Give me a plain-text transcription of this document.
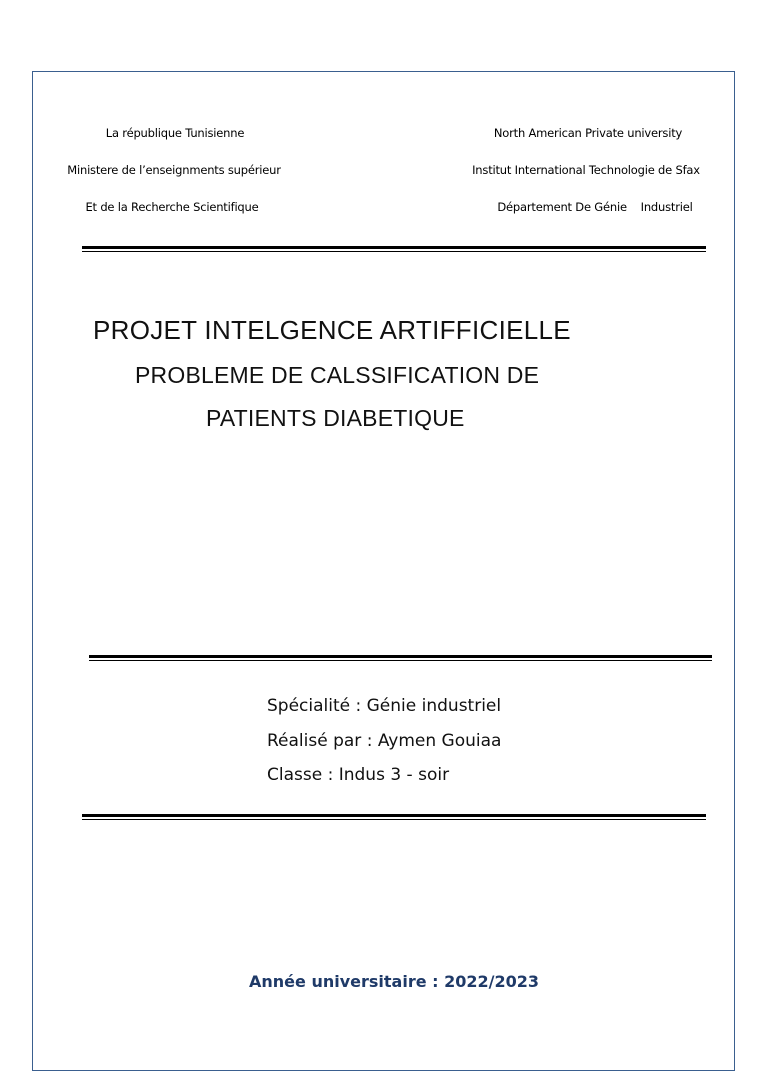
La république Tunisienne
Ministere de l’enseignments supérieur
Et de la Recherche Scientifique
North American Private university
Institut International Technologie de Sfax
Département De Génie    Industriel
PROJET INTELGENCE ARTIFFICIELLE
PROBLEME DE CALSSIFICATION DE
PATIENTS DIABETIQUE
Spécialité : Génie industriel
Réalisé par : Aymen Gouiaa
Classe : Indus 3 - soir
Année universitaire : 2022/2023
